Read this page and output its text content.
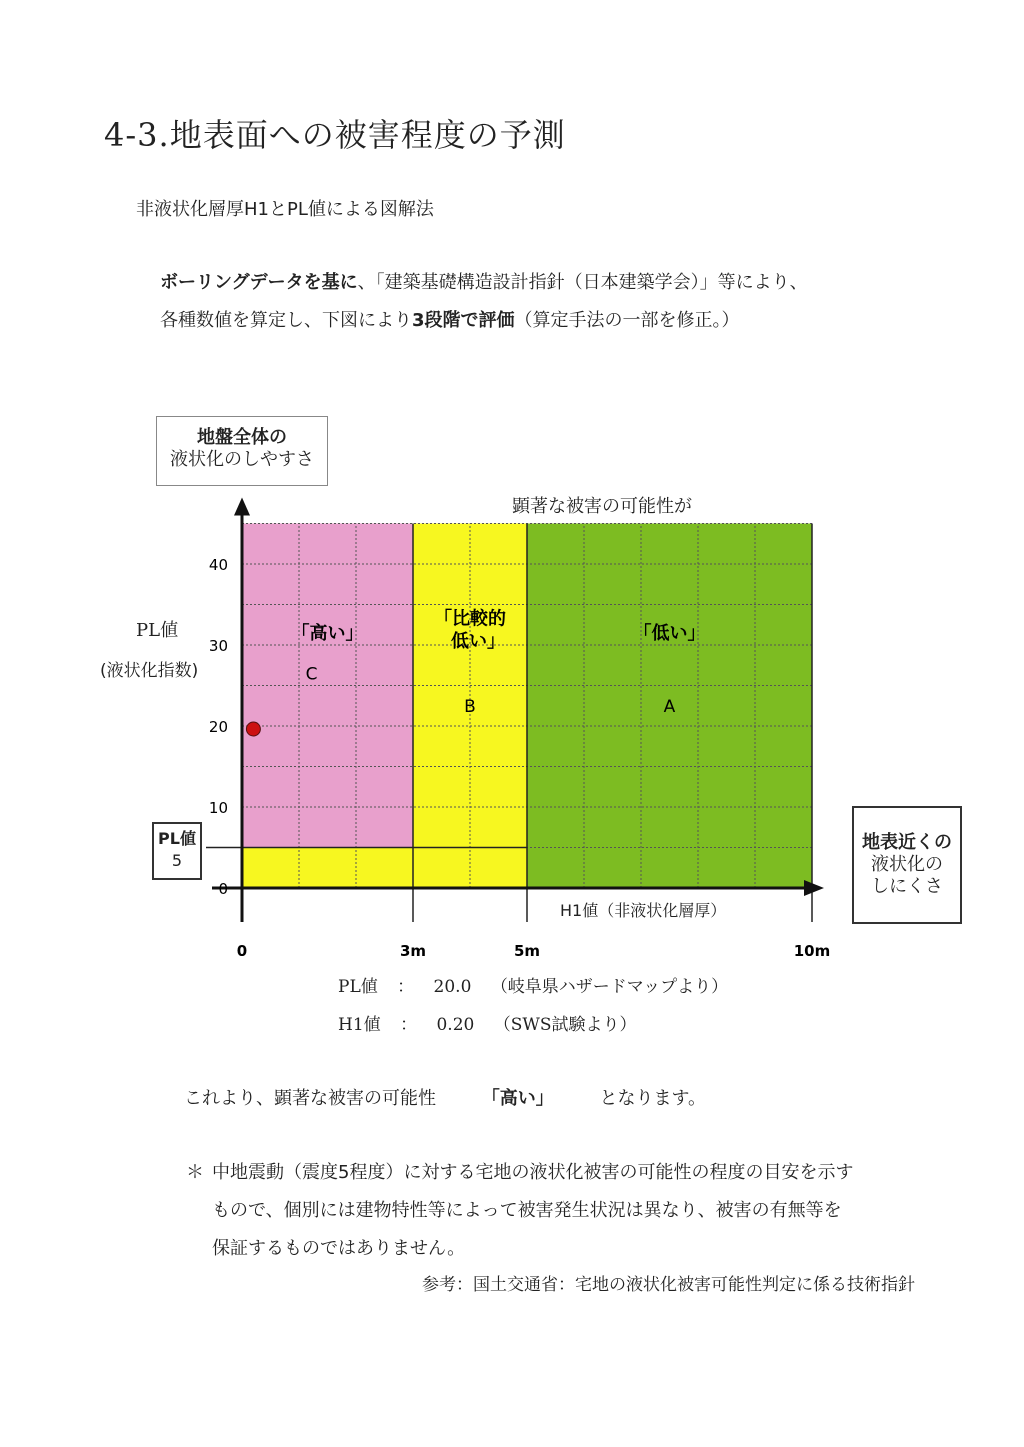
4-3.地表面への被害程度の予測
非液状化層厚H1とPL値による図解法
ボーリングデータを基に、「建築基礎構造設計指針（日本建築学会）」等により、
各種数値を算定し、下図により3段階で評価（算定手法の一部を修正。）
地盤全体の
液状化のしやすさ
顕著な被害の可能性が
PL値
(液状化指数)
PL値
5
地表近くの
液状化の
しにくさ
0
10
20
30
40
0	3m	5m	10m
「高い」
C
「比較的
低い」
B
「低い」
A
H1値（非液状化層厚）
PL値 ： 20.0 （岐阜県ハザードマップより）
H1値 ： 0.20 （SWS試験より）
これより、顕著な被害の可能性	「高い」	となります。
＊ 中地震動（震度5程度）に対する宅地の液状化被害の可能性の程度の目安を示す
もので、個別には建物特性等によって被害発生状況は異なり、被害の有無等を
保証するものではありません。
参考：国土交通省：宅地の液状化被害可能性判定に係る技術指針
